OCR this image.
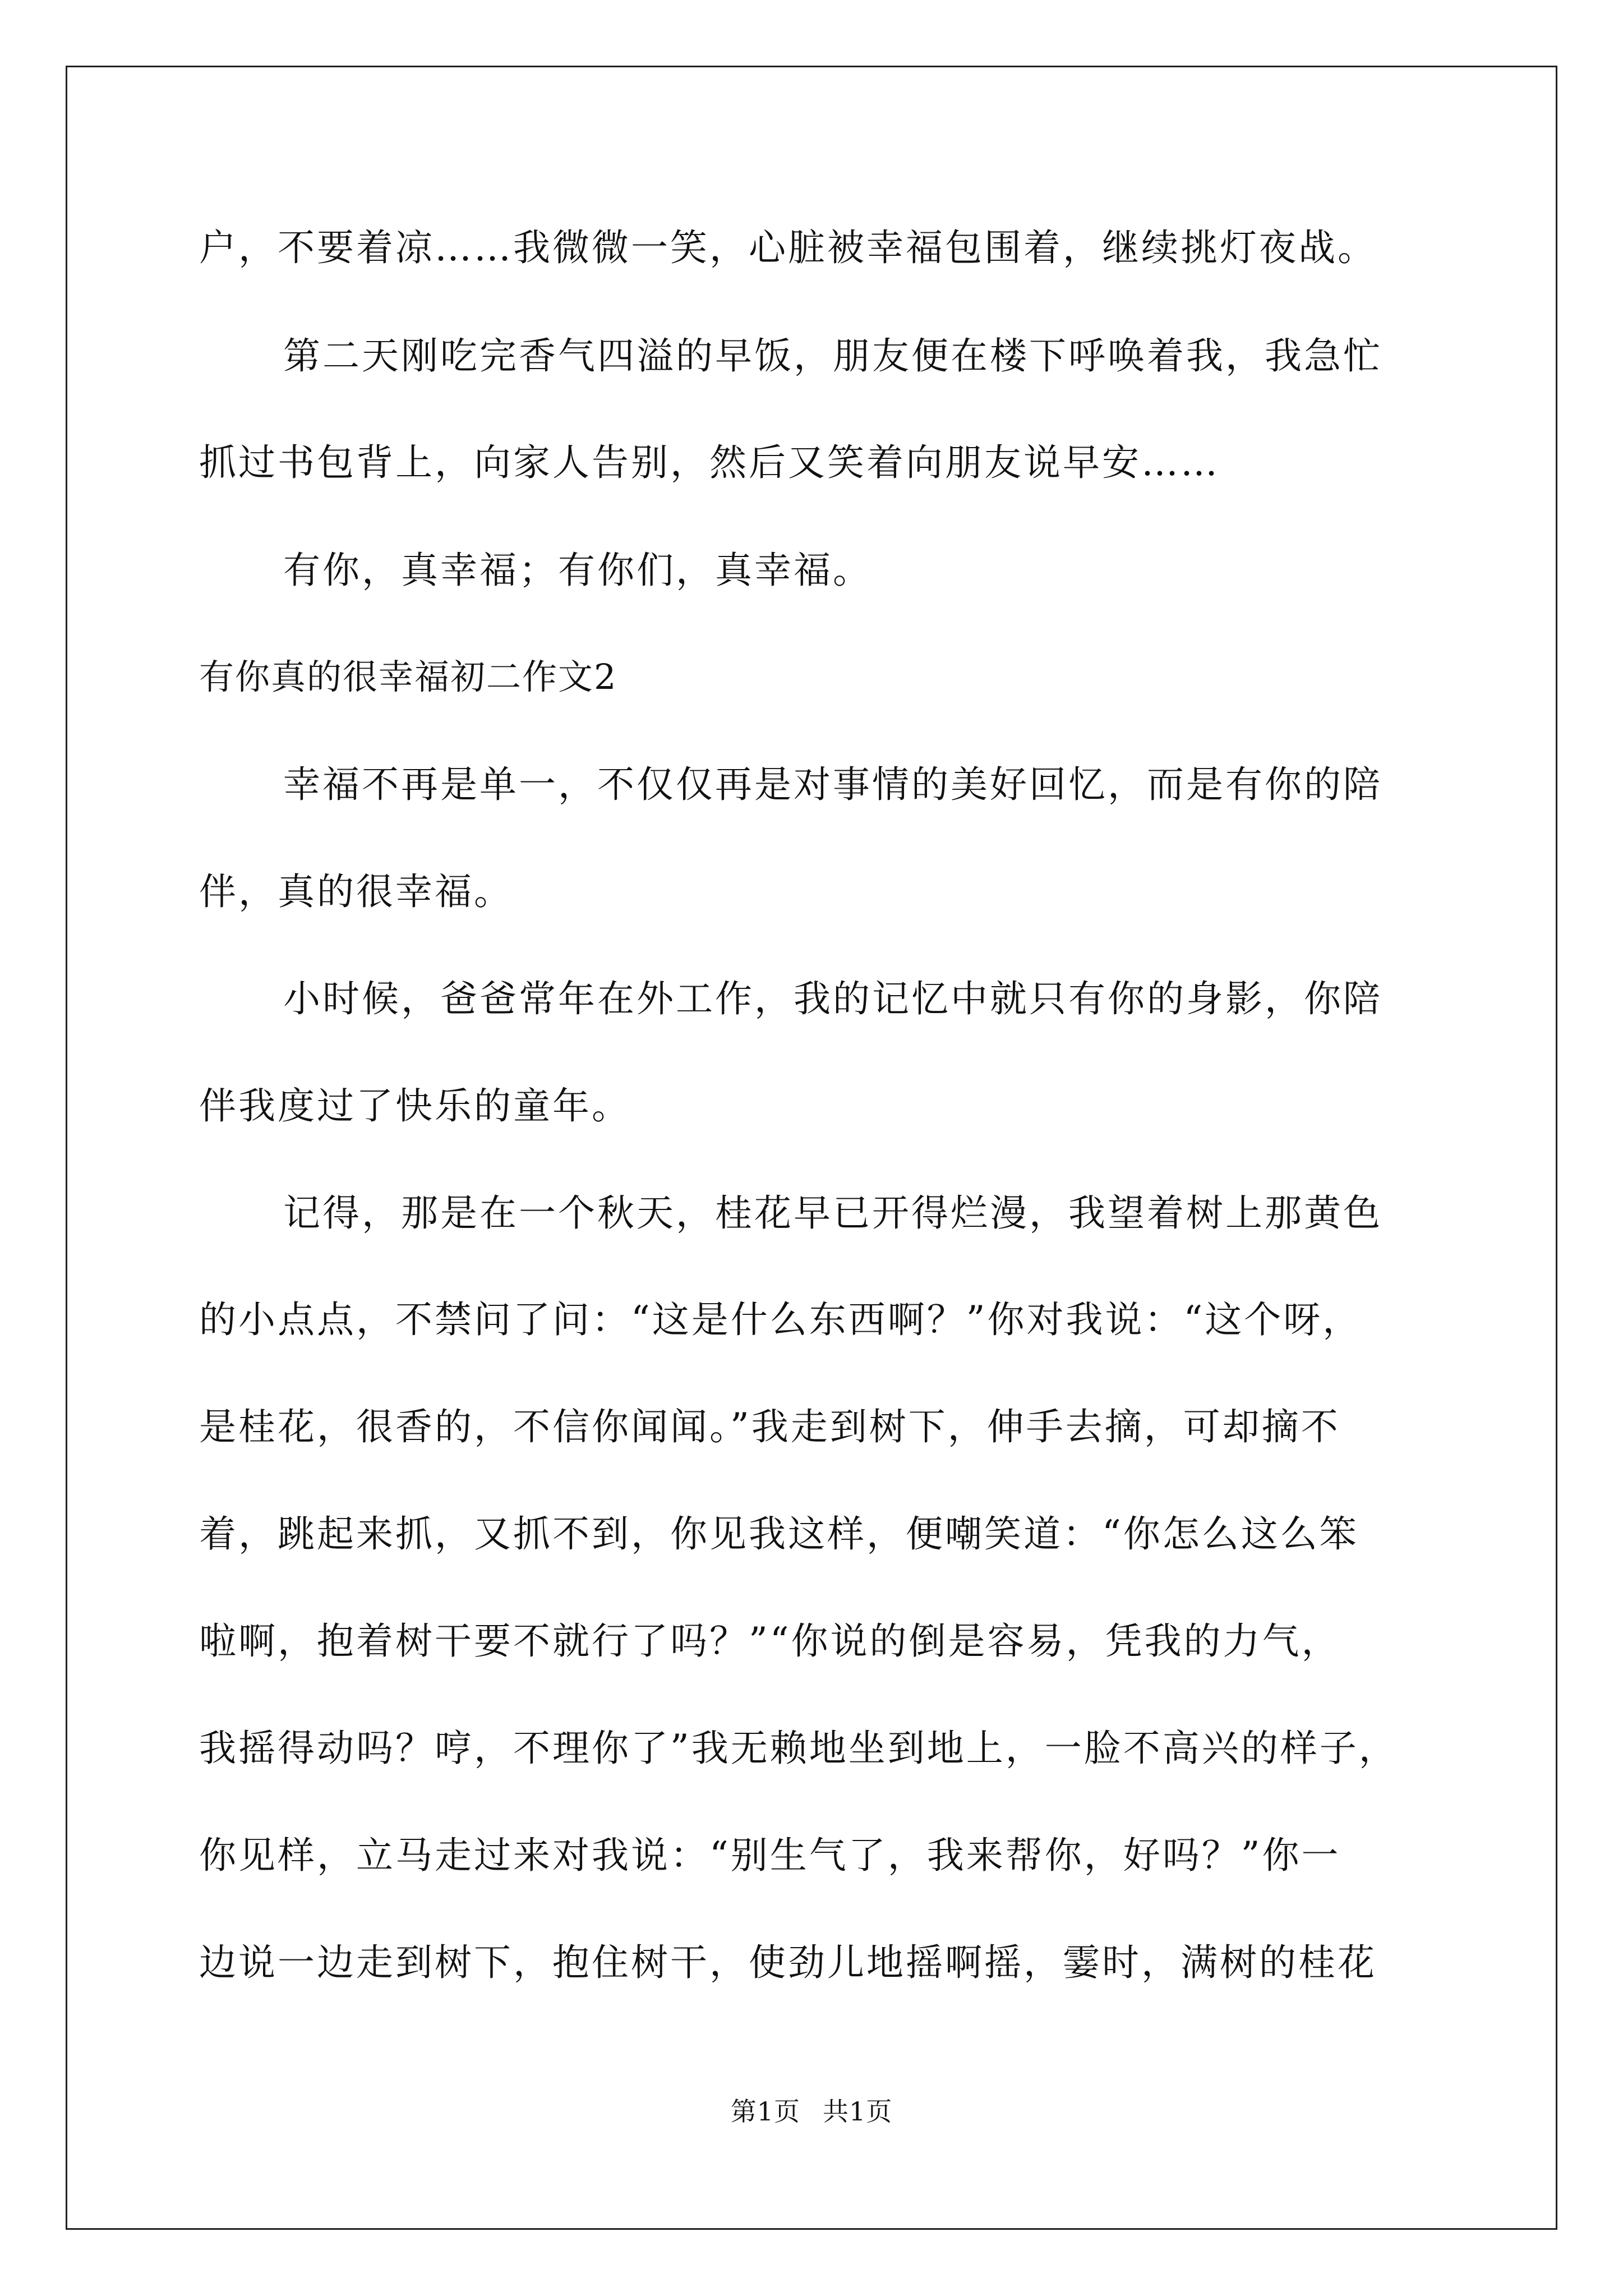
户，不要着凉……我微微一笑，心脏被幸福包围着，继续挑灯夜战。
第二天刚吃完香气四溢的早饭，朋友便在楼下呼唤着我，我急忙
抓过书包背上，向家人告别，然后又笑着向朋友说早安……
有你，真幸福；有你们，真幸福。
有你真的很幸福初二作文2
幸福不再是单一，不仅仅再是对事情的美好回忆，而是有你的陪
伴，真的很幸福。
小时候，爸爸常年在外工作，我的记忆中就只有你的身影，你陪
伴我度过了快乐的童年。
记得，那是在一个秋天，桂花早已开得烂漫，我望着树上那黄色
的小点点，不禁问了问：“这是什么东西啊？”你对我说：“这个呀，
是桂花，很香的，不信你闻闻。”我走到树下，伸手去摘，可却摘不
着，跳起来抓，又抓不到，你见我这样，便嘲笑道：“你怎么这么笨
啦啊，抱着树干要不就行了吗？”“你说的倒是容易，凭我的力气，
我摇得动吗？哼，不理你了”我无赖地坐到地上，一脸不高兴的样子，
你见样，立马走过来对我说：“别生气了，我来帮你，好吗？”你一
边说一边走到树下，抱住树干，使劲儿地摇啊摇，霎时，满树的桂花
第1页 共1页
